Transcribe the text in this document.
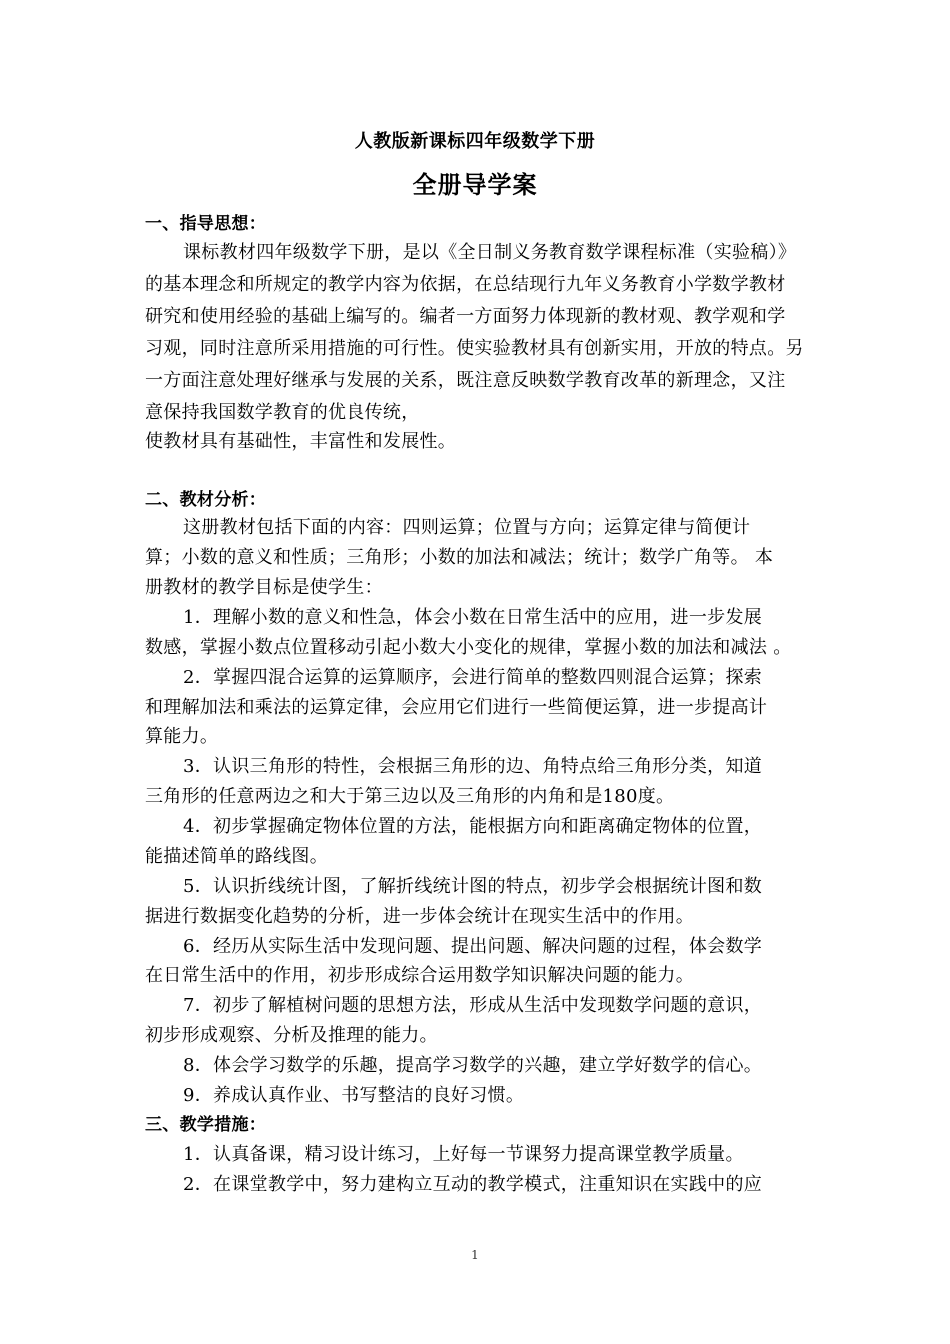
人教版新课标四年级数学下册
全册导学案
一、指导思想：
课标教材四年级数学下册，是以《全日制义务教育数学课程标准（实验稿）》
的基本理念和所规定的教学内容为依据，在总结现行九年义务教育小学数学教材
研究和使用经验的基础上编写的。编者一方面努力体现新的教材观、教学观和学
习观，同时注意所采用措施的可行性。使实验教材具有创新实用，开放的特点。另
一方面注意处理好继承与发展的关系，既注意反映数学教育改革的新理念，又注
意保持我国数学教育的优良传统，
使教材具有基础性，丰富性和发展性。
二、教材分析：
这册教材包括下面的内容：四则运算；位置与方向；运算定律与简便计
算；小数的意义和性质；三角形；小数的加法和减法；统计；数学广角等。 本
册教材的教学目标是使学生：
1．理解小数的意义和性急，体会小数在日常生活中的应用，进一步发展
数感，掌握小数点位置移动引起小数大小变化的规律，掌握小数的加法和减法 。
2．掌握四混合运算的运算顺序，会进行简单的整数四则混合运算；探索
和理解加法和乘法的运算定律，会应用它们进行一些简便运算，进一步提高计
算能力。
3．认识三角形的特性，会根据三角形的边、角特点给三角形分类，知道
三角形的任意两边之和大于第三边以及三角形的内角和是180度。
4．初步掌握确定物体位置的方法，能根据方向和距离确定物体的位置，
能描述简单的路线图。
5．认识折线统计图，了解折线统计图的特点，初步学会根据统计图和数
据进行数据变化趋势的分析，进一步体会统计在现实生活中的作用。
6．经历从实际生活中发现问题、提出问题、解决问题的过程，体会数学
在日常生活中的作用，初步形成综合运用数学知识解决问题的能力。
7．初步了解植树问题的思想方法，形成从生活中发现数学问题的意识，
初步形成观察、分析及推理的能力。
8．体会学习数学的乐趣，提高学习数学的兴趣，建立学好数学的信心。
9．养成认真作业、书写整洁的良好习惯。
三、教学措施：
1．认真备课，精习设计练习，上好每一节课努力提高课堂教学质量。
2．在课堂教学中，努力建构立互动的教学模式，注重知识在实践中的应
1
